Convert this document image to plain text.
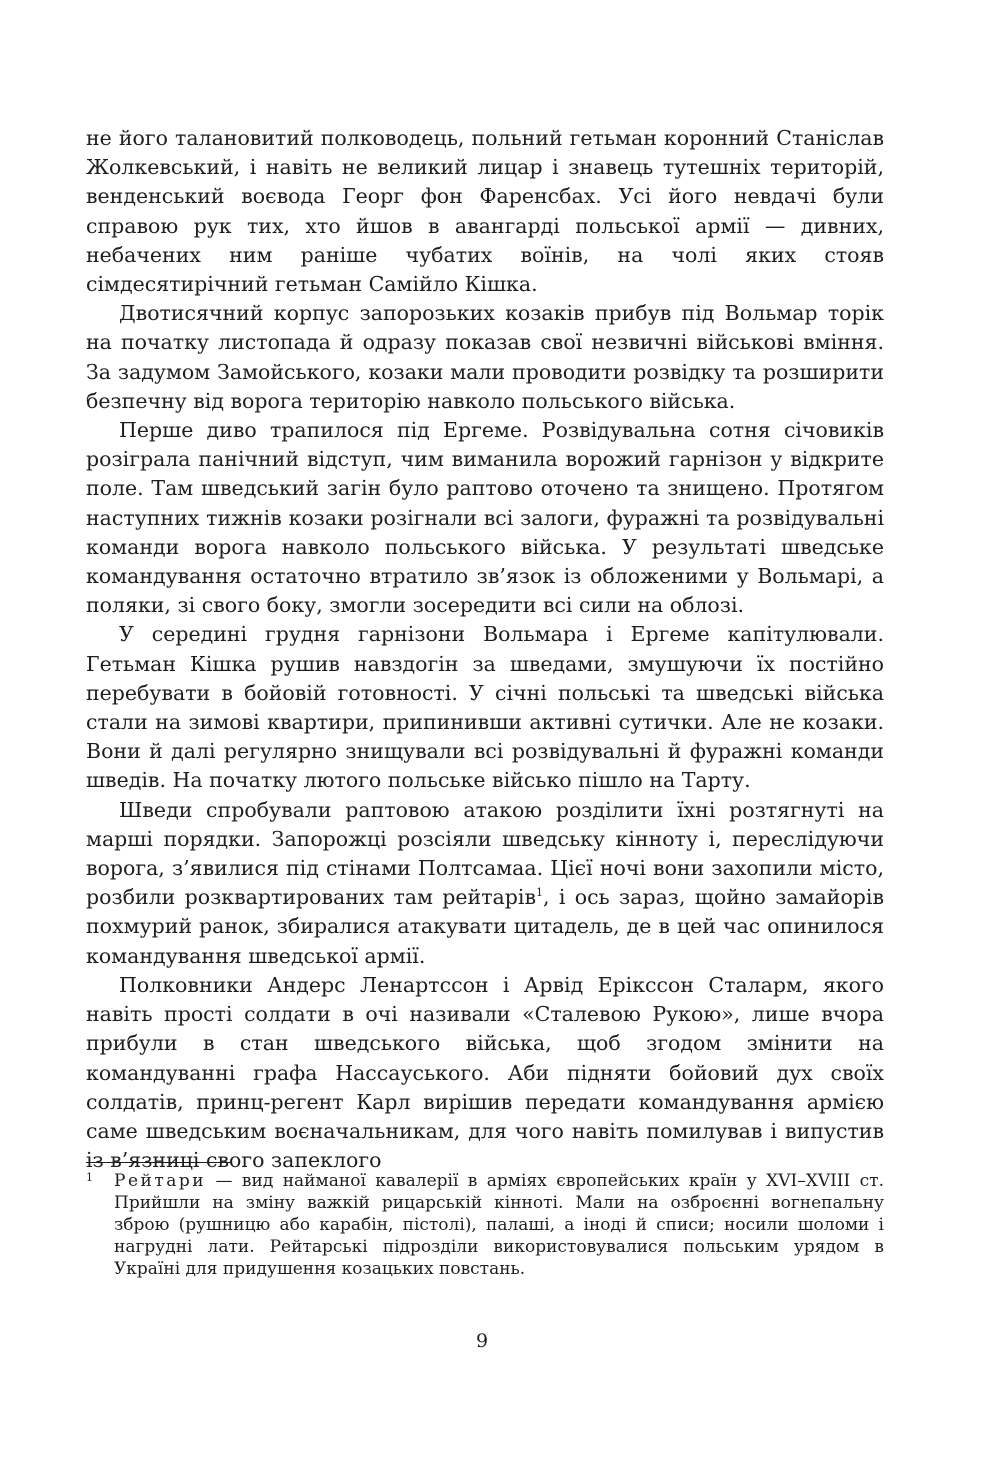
не його талановитий полководець, польний гетьман коронний Станіслав Жолкевський, і навіть не великий лицар і знавець тутешніх територій, венденський воєвода Георг фон Фаренсбах. Усі його невдачі були справою рук тих, хто йшов в авангарді польської армії — дивних, небачених ним раніше чубатих воїнів, на чолі яких стояв сімдесятирічний гетьман Самійло Кішка.

Двотисячний корпус запорозьких козаків прибув під Вольмар торік на початку листопада й одразу показав свої незвичні військові вміння. За задумом Замойського, козаки мали проводити розвідку та розширити безпечну від ворога територію навколо польського війська.

Перше диво трапилося під Ергеме. Розвідувальна сотня січовиків розіграла панічний відступ, чим виманила ворожий гарнізон у відкрите поле. Там шведський загін було раптово оточено та знищено. Протягом наступних тижнів козаки розігнали всі залоги, фуражні та розвідувальні команди ворога навколо польського війська. У результаті шведське командування остаточно втратило зв’язок із обложеними у Вольмарі, а поляки, зі свого боку, змогли зосередити всі сили на облозі.

У середині грудня гарнізони Вольмара і Ергеме капітулювали. Гетьман Кішка рушив навздогін за шведами, змушуючи їх постійно перебувати в бойовій готовності. У січні польські та шведські війська стали на зимові квартири, припинивши активні сутички. Але не козаки. Вони й далі регулярно знищували всі розвідувальні й фуражні команди шведів. На початку лютого польське військо пішло на Тарту.

Шведи спробували раптовою атакою розділити їхні розтягнуті на марші порядки. Запорожці розсіяли шведську кінноту і, переслідуючи ворога, з’явилися під стінами Полтсамаа. Цієї ночі вони захопили місто, розбили розквартированих там рейтарів$^1$, і ось зараз, щойно замайорів похмурий ранок, збиралися атакувати цитадель, де в цей час опинилося командування шведської армії.

Полковники Андерс Ленартссон і Арвід Ерікссон Сталарм, якого навіть прості солдати в очі називали «Сталевою Рукою», лише вчора прибули в стан шведського війська, щоб згодом змінити на командуванні графа Нассауського. Аби підняти бойовий дух своїх солдатів, принц-регент Карл вирішив передати командування армією саме шведським воєначальникам, для чого навіть помилував і випустив із в’язниці свого запеклого

1 Рейтари — вид найманої кавалерії в арміях європейських країн у XVI–XVIII ст. Прийшли на зміну важкій рицарській кінноті. Мали на озброєнні вогнепальну зброю (рушницю або карабін, пістолі), палаші, а іноді й списи; носили шоломи і нагрудні лати. Рейтарські підрозділи використовувалися польським урядом в Україні для придушення козацьких повстань.
9
